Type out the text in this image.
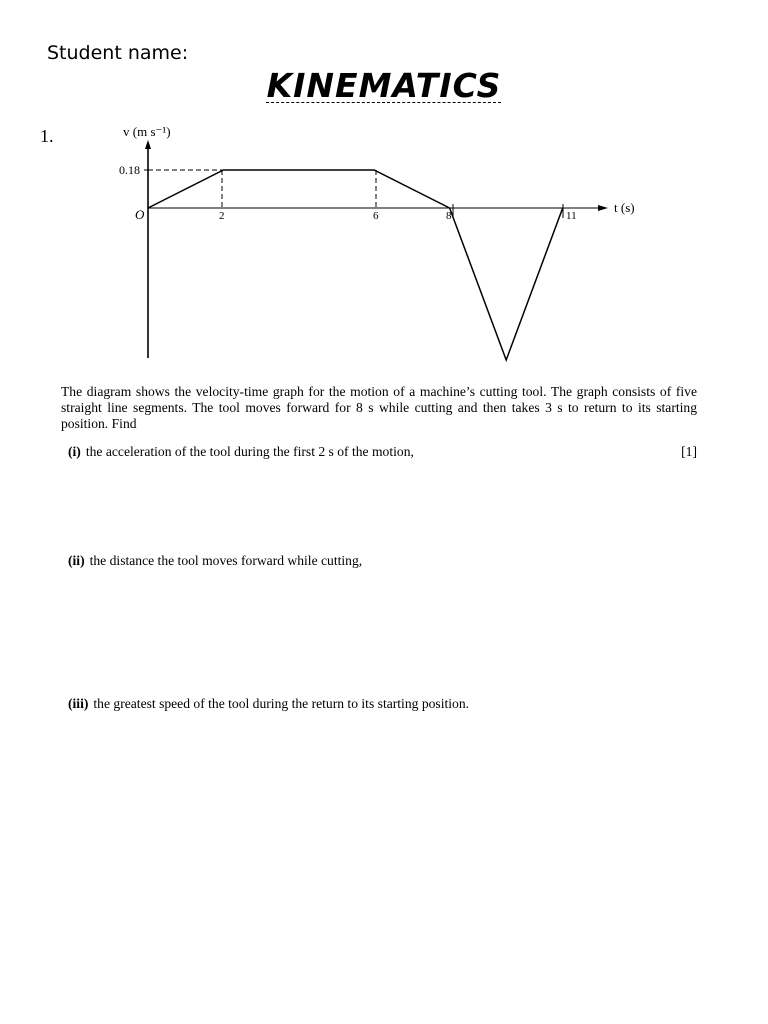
Student name:
KINEMATICS
1.	v (m s⁻¹)
t (s)
0.18
O	2	6	8	11
The diagram shows the velocity-time graph for the motion of a machine’s cutting tool. The graph consists of five straight line segments. The tool moves forward for 8 s while cutting and then takes 3 s to return to its starting position. Find
(i) the acceleration of the tool during the first 2 s of the motion,	[1]
(ii) the distance the tool moves forward while cutting,
(iii) the greatest speed of the tool during the return to its starting position.
